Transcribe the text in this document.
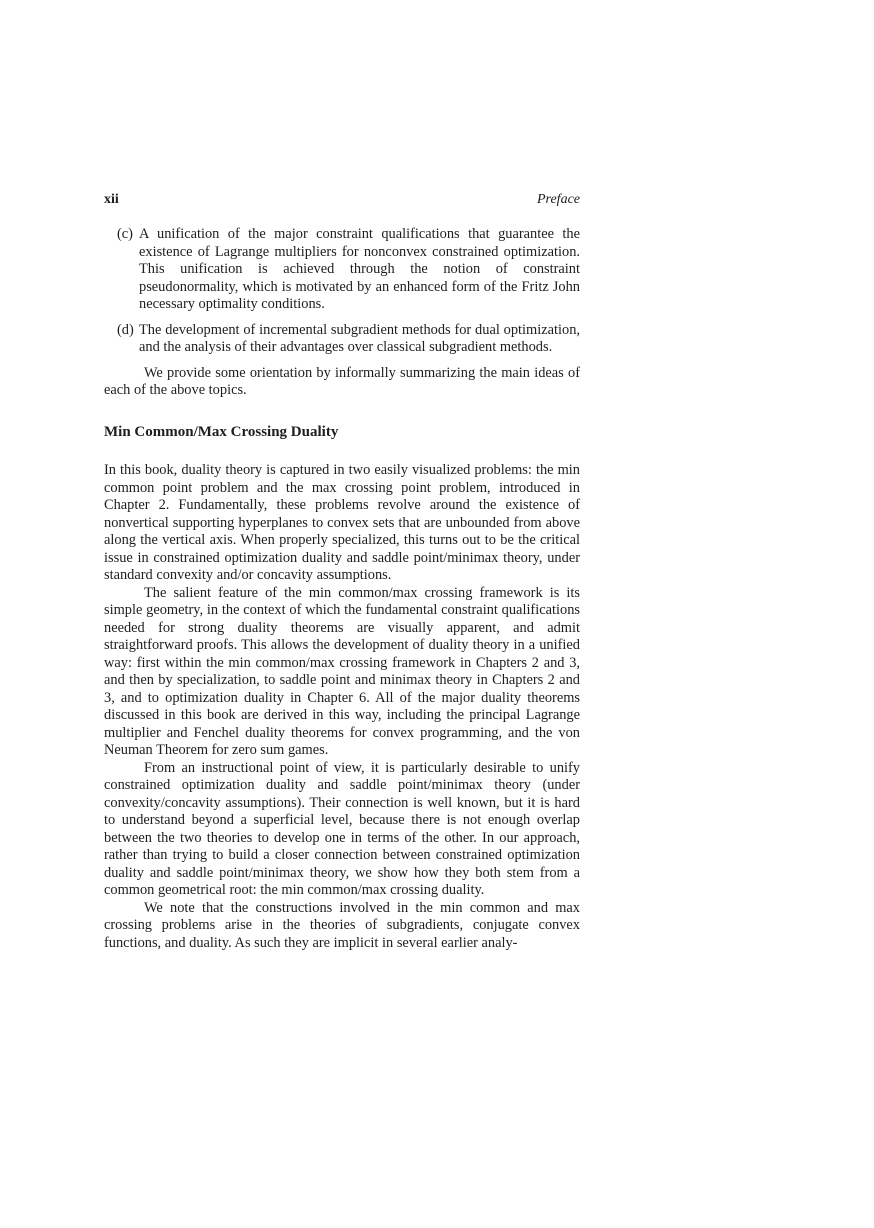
xii	Preface
(c) A unification of the major constraint qualifications that guarantee the existence of Lagrange multipliers for nonconvex constrained optimization. This unification is achieved through the notion of constraint pseudonormality, which is motivated by an enhanced form of the Fritz John necessary optimality conditions.
(d) The development of incremental subgradient methods for dual optimization, and the analysis of their advantages over classical subgradient methods.

We provide some orientation by informally summarizing the main ideas of each of the above topics.

Min Common/Max Crossing Duality

In this book, duality theory is captured in two easily visualized problems: the min common point problem and the max crossing point problem, introduced in Chapter 2. Fundamentally, these problems revolve around the existence of nonvertical supporting hyperplanes to convex sets that are unbounded from above along the vertical axis. When properly specialized, this turns out to be the critical issue in constrained optimization duality and saddle point/minimax theory, under standard convexity and/or concavity assumptions.

The salient feature of the min common/max crossing framework is its simple geometry, in the context of which the fundamental constraint qualifications needed for strong duality theorems are visually apparent, and admit straightforward proofs. This allows the development of duality theory in a unified way: first within the min common/max crossing framework in Chapters 2 and 3, and then by specialization, to saddle point and minimax theory in Chapters 2 and 3, and to optimization duality in Chapter 6. All of the major duality theorems discussed in this book are derived in this way, including the principal Lagrange multiplier and Fenchel duality theorems for convex programming, and the von Neuman Theorem for zero sum games.

From an instructional point of view, it is particularly desirable to unify constrained optimization duality and saddle point/minimax theory (under convexity/concavity assumptions). Their connection is well known, but it is hard to understand beyond a superficial level, because there is not enough overlap between the two theories to develop one in terms of the other. In our approach, rather than trying to build a closer connection between constrained optimization duality and saddle point/minimax theory, we show how they both stem from a common geometrical root: the min common/max crossing duality.

We note that the constructions involved in the min common and max crossing problems arise in the theories of subgradients, conjugate convex functions, and duality. As such they are implicit in several earlier analy-
